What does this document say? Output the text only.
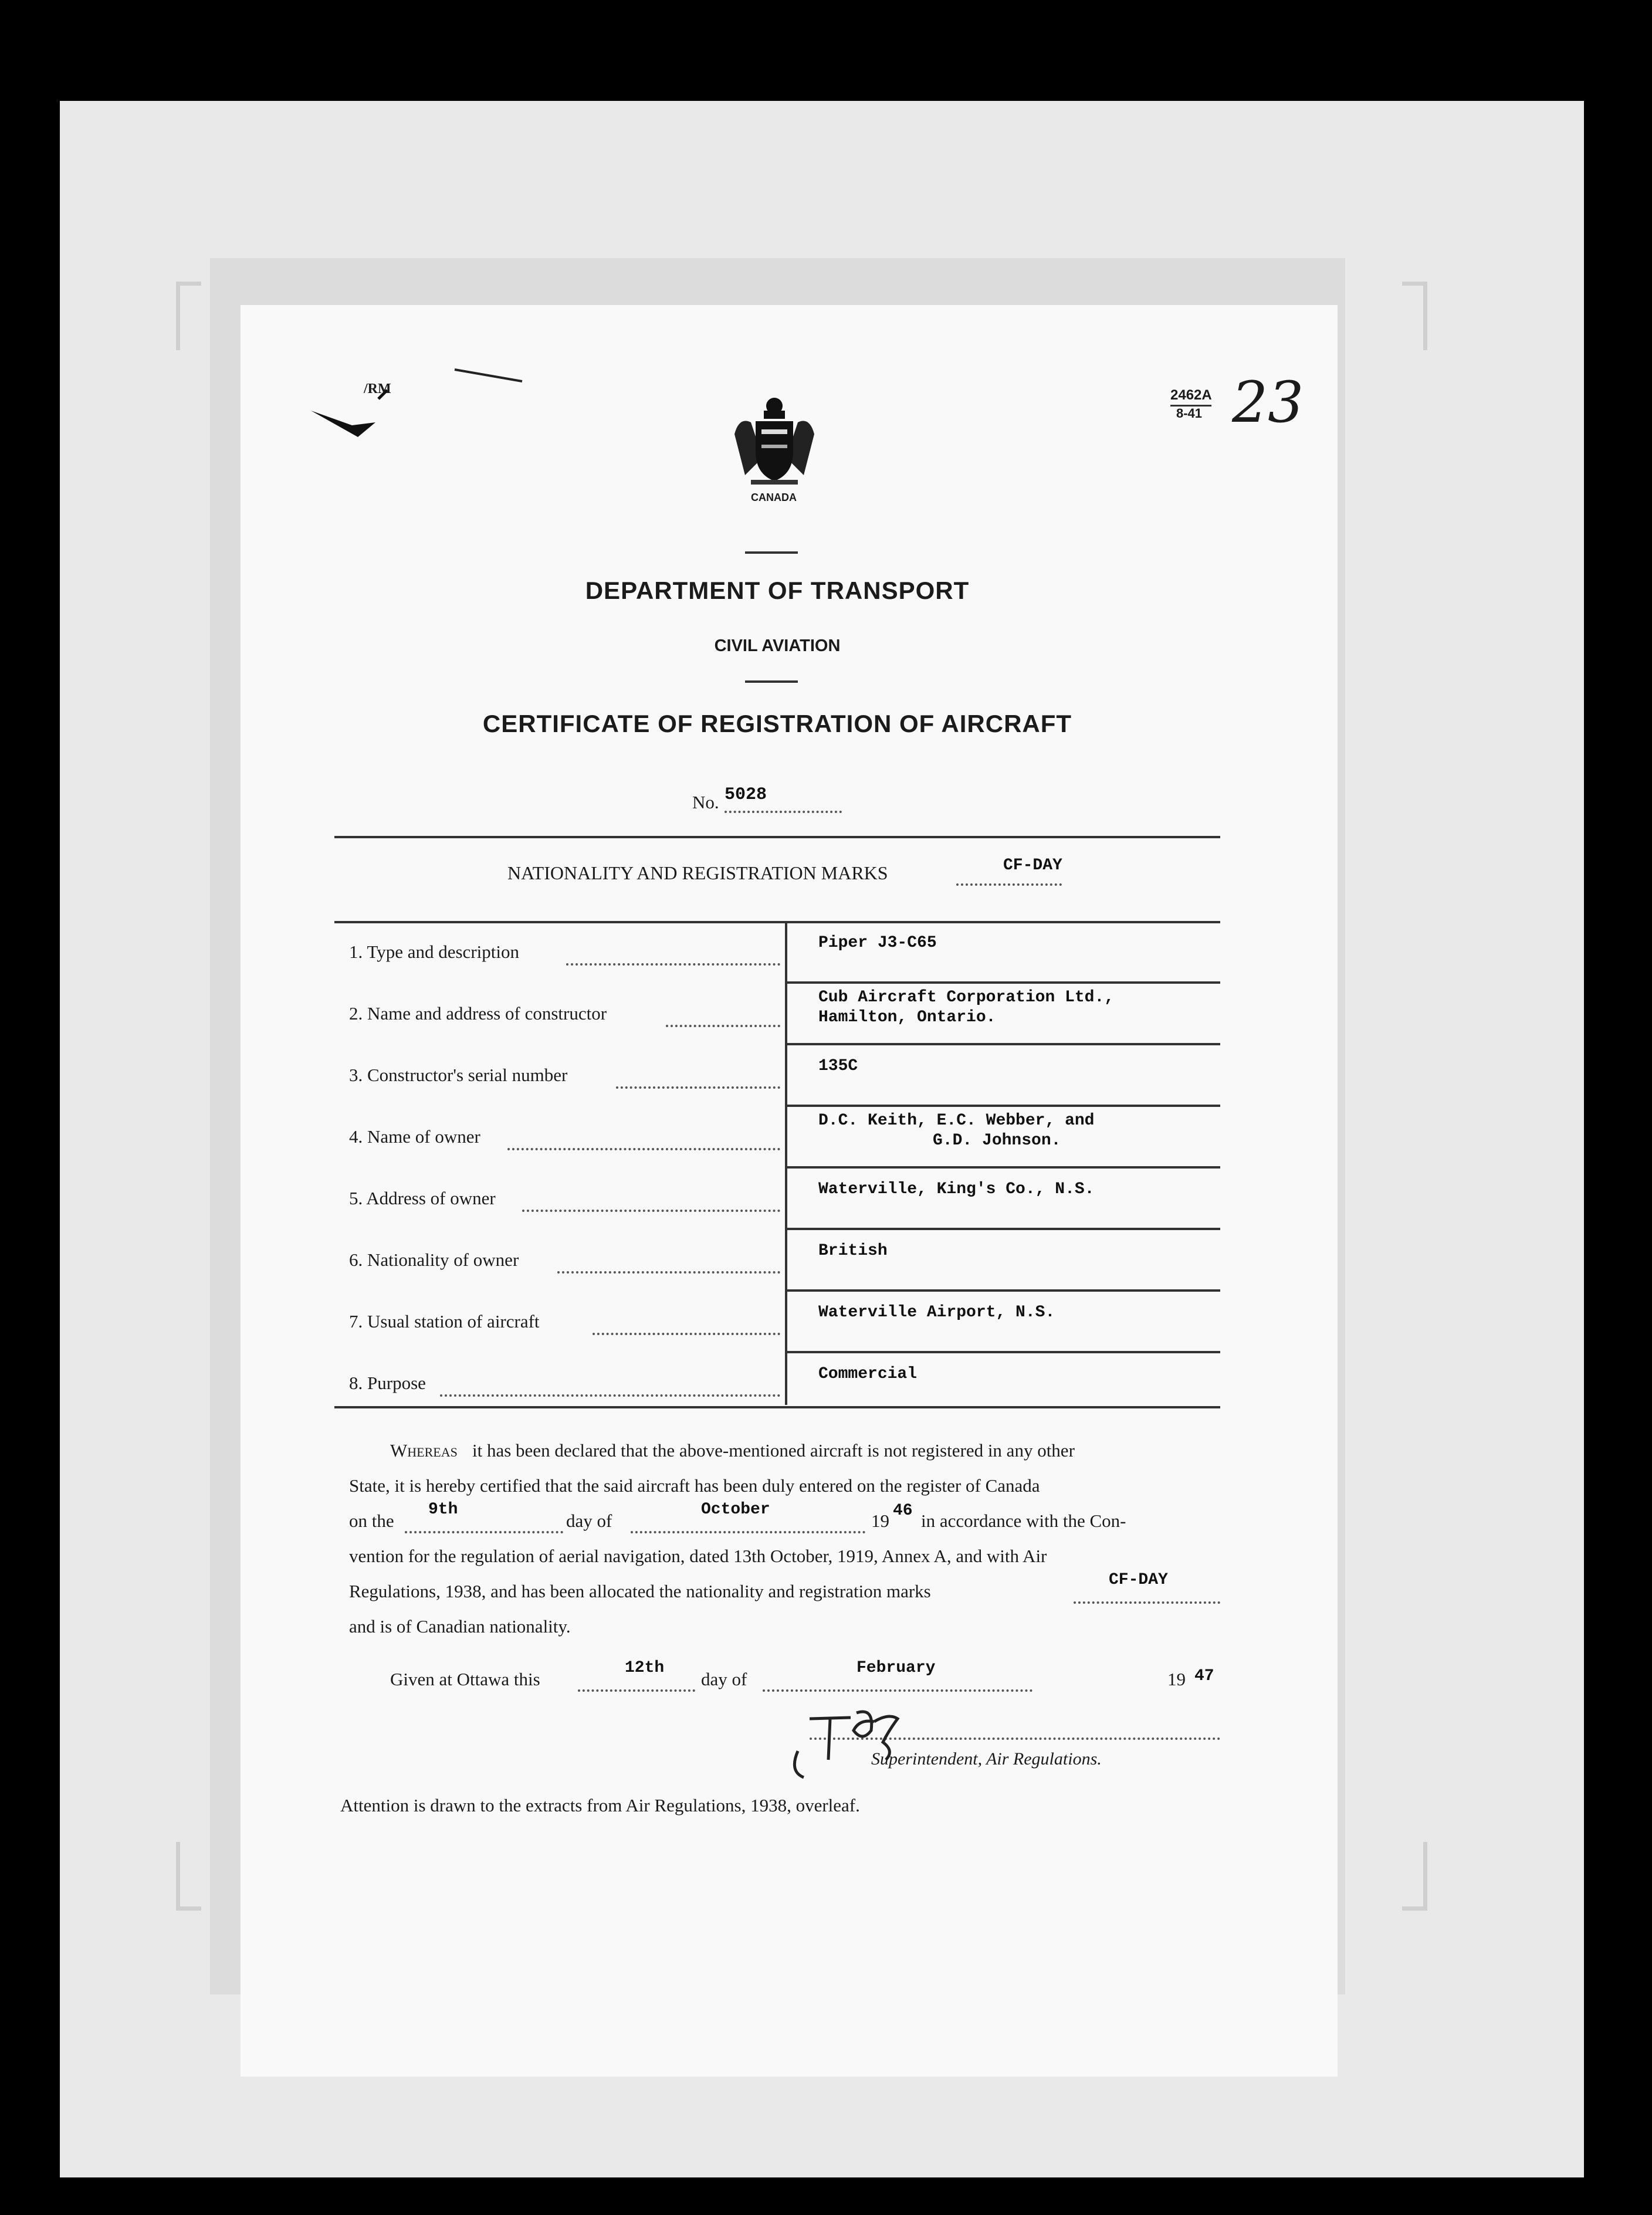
/RM	2462A
8-41 23
CANADA
DEPARTMENT OF TRANSPORT
CIVIL AVIATION
CERTIFICATE OF REGISTRATION OF AIRCRAFT
No. 5028
NATIONALITY AND REGISTRATION MARKS	CF-DAY
1. Type and description	Piper J3-C65
2. Name and address of constructor
Cub Aircraft Corporation Ltd.,
Hamilton, Ontario.
3. Constructor's serial number	135C
4. Name of owner
D.C. Keith, E.C. Webber, and
G.D. Johnson.
5. Address of owner	Waterville, King's Co., N.S.
6. Nationality of owner	British
7. Usual station of aircraft	Waterville Airport, N.S.
8. Purpose	Commercial
Whereas it has been declared that the above-mentioned aircraft is not registered in any other
State, it is hereby certified that the said aircraft has been duly entered on the register of Canada
on the
9th
day of
October
19 46 in accordance with the Con-
vention for the regulation of aerial navigation, dated 13th October, 1919, Annex A, and with Air
Regulations, 1938, and has been allocated the nationality and registration marks
CF-DAY
and is of Canadian nationality.
Given at Ottawa this
12th
day of
February
19 47
Superintendent, Air Regulations.
Attention is drawn to the extracts from Air Regulations, 1938, overleaf.
